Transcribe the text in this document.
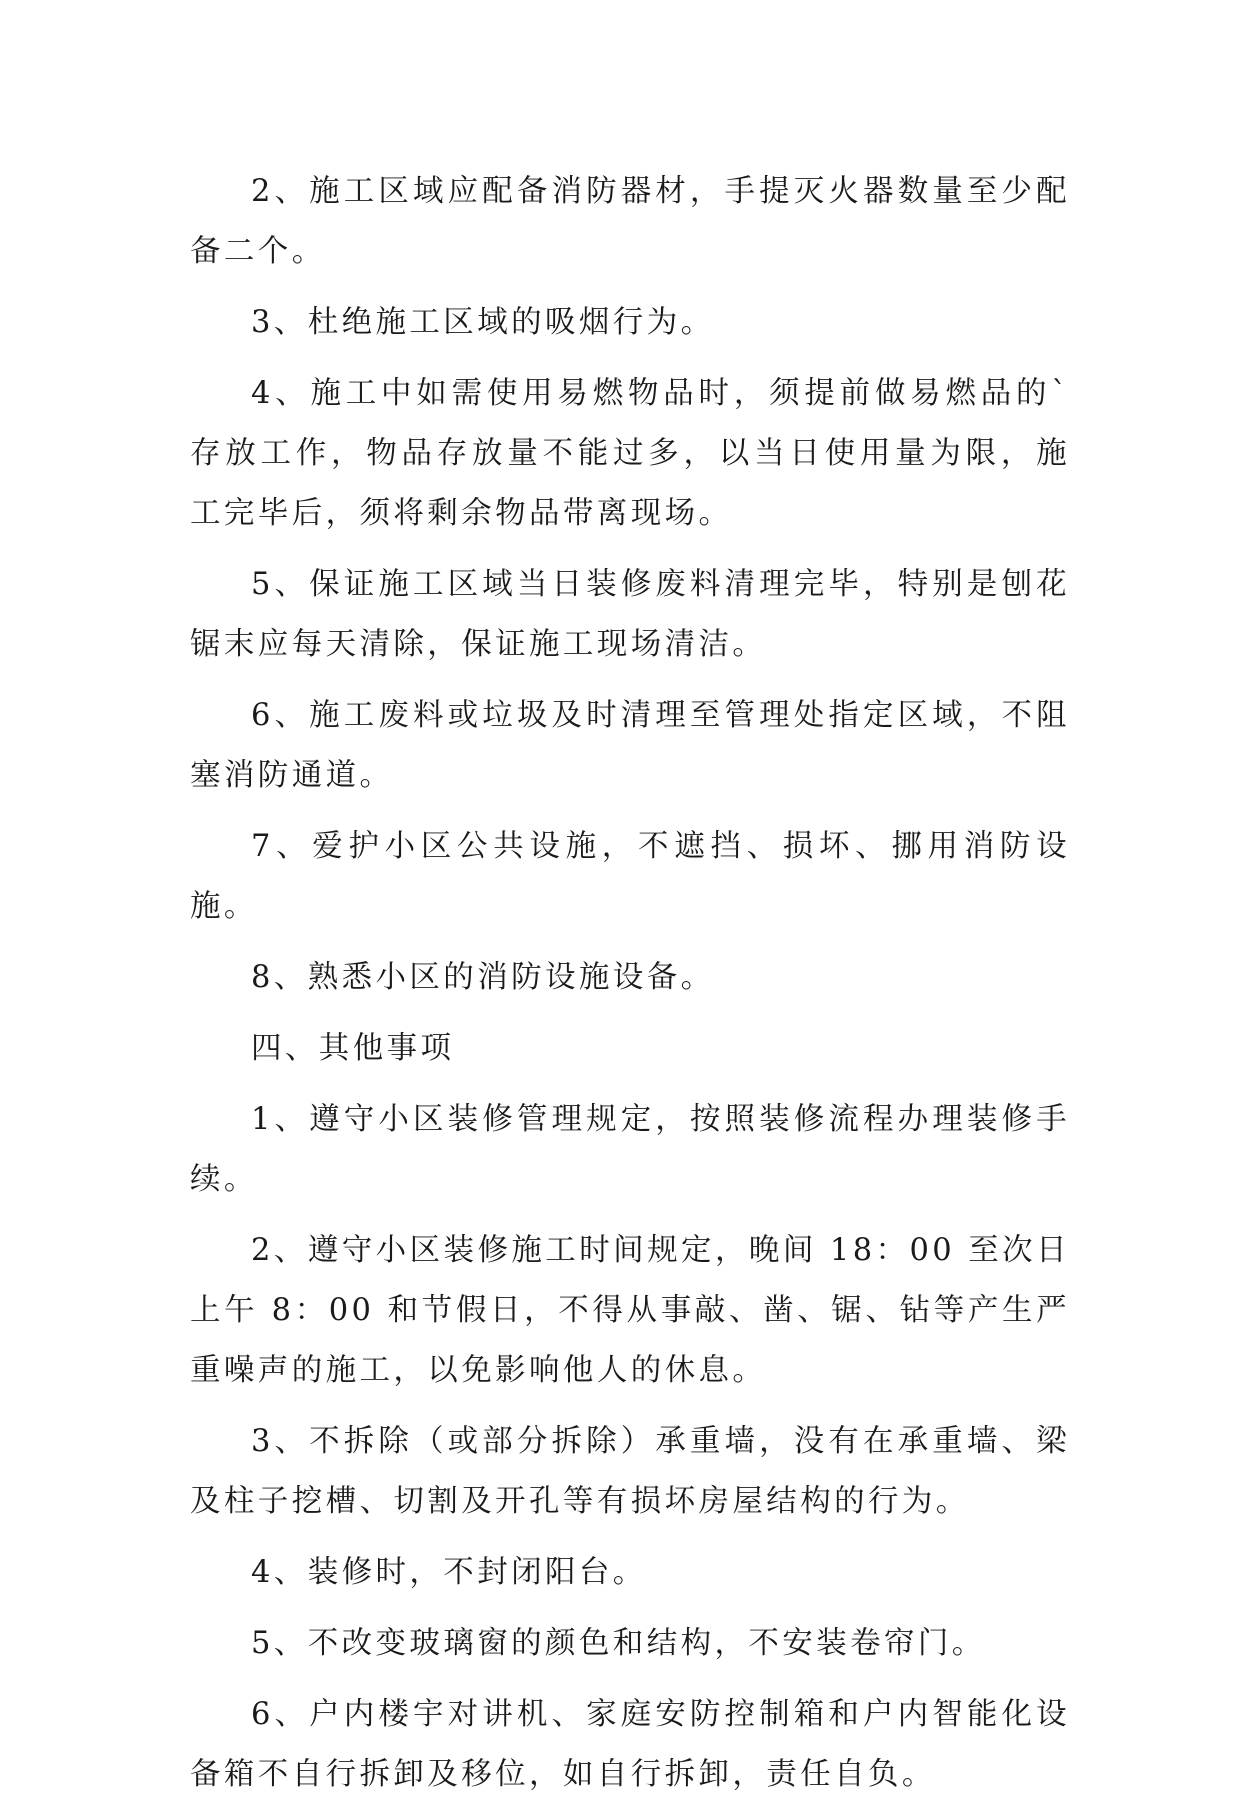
2、施工区域应配备消防器材，手提灭火器数量至少配备二个。

3、杜绝施工区域的吸烟行为。

4、施工中如需使用易燃物品时，须提前做易燃品的`存放工作，物品存放量不能过多，以当日使用量为限，施工完毕后，须将剩余物品带离现场。

5、保证施工区域当日装修废料清理完毕，特别是刨花锯末应每天清除，保证施工现场清洁。

6、施工废料或垃圾及时清理至管理处指定区域，不阻塞消防通道。

7、爱护小区公共设施，不遮挡、损坏、挪用消防设施。

8、熟悉小区的消防设施设备。

四、其他事项

1、遵守小区装修管理规定，按照装修流程办理装修手续。

2、遵守小区装修施工时间规定，晚间 18：00 至次日上午 8：00 和节假日，不得从事敲、凿、锯、钻等产生严重噪声的施工，以免影响他人的休息。

3、不拆除（或部分拆除）承重墙，没有在承重墙、梁及柱子挖槽、切割及开孔等有损坏房屋结构的行为。

4、装修时，不封闭阳台。

5、不改变玻璃窗的颜色和结构，不安装卷帘门。

6、户内楼宇对讲机、家庭安防控制箱和户内智能化设备箱不自行拆卸及移位，如自行拆卸，责任自负。
